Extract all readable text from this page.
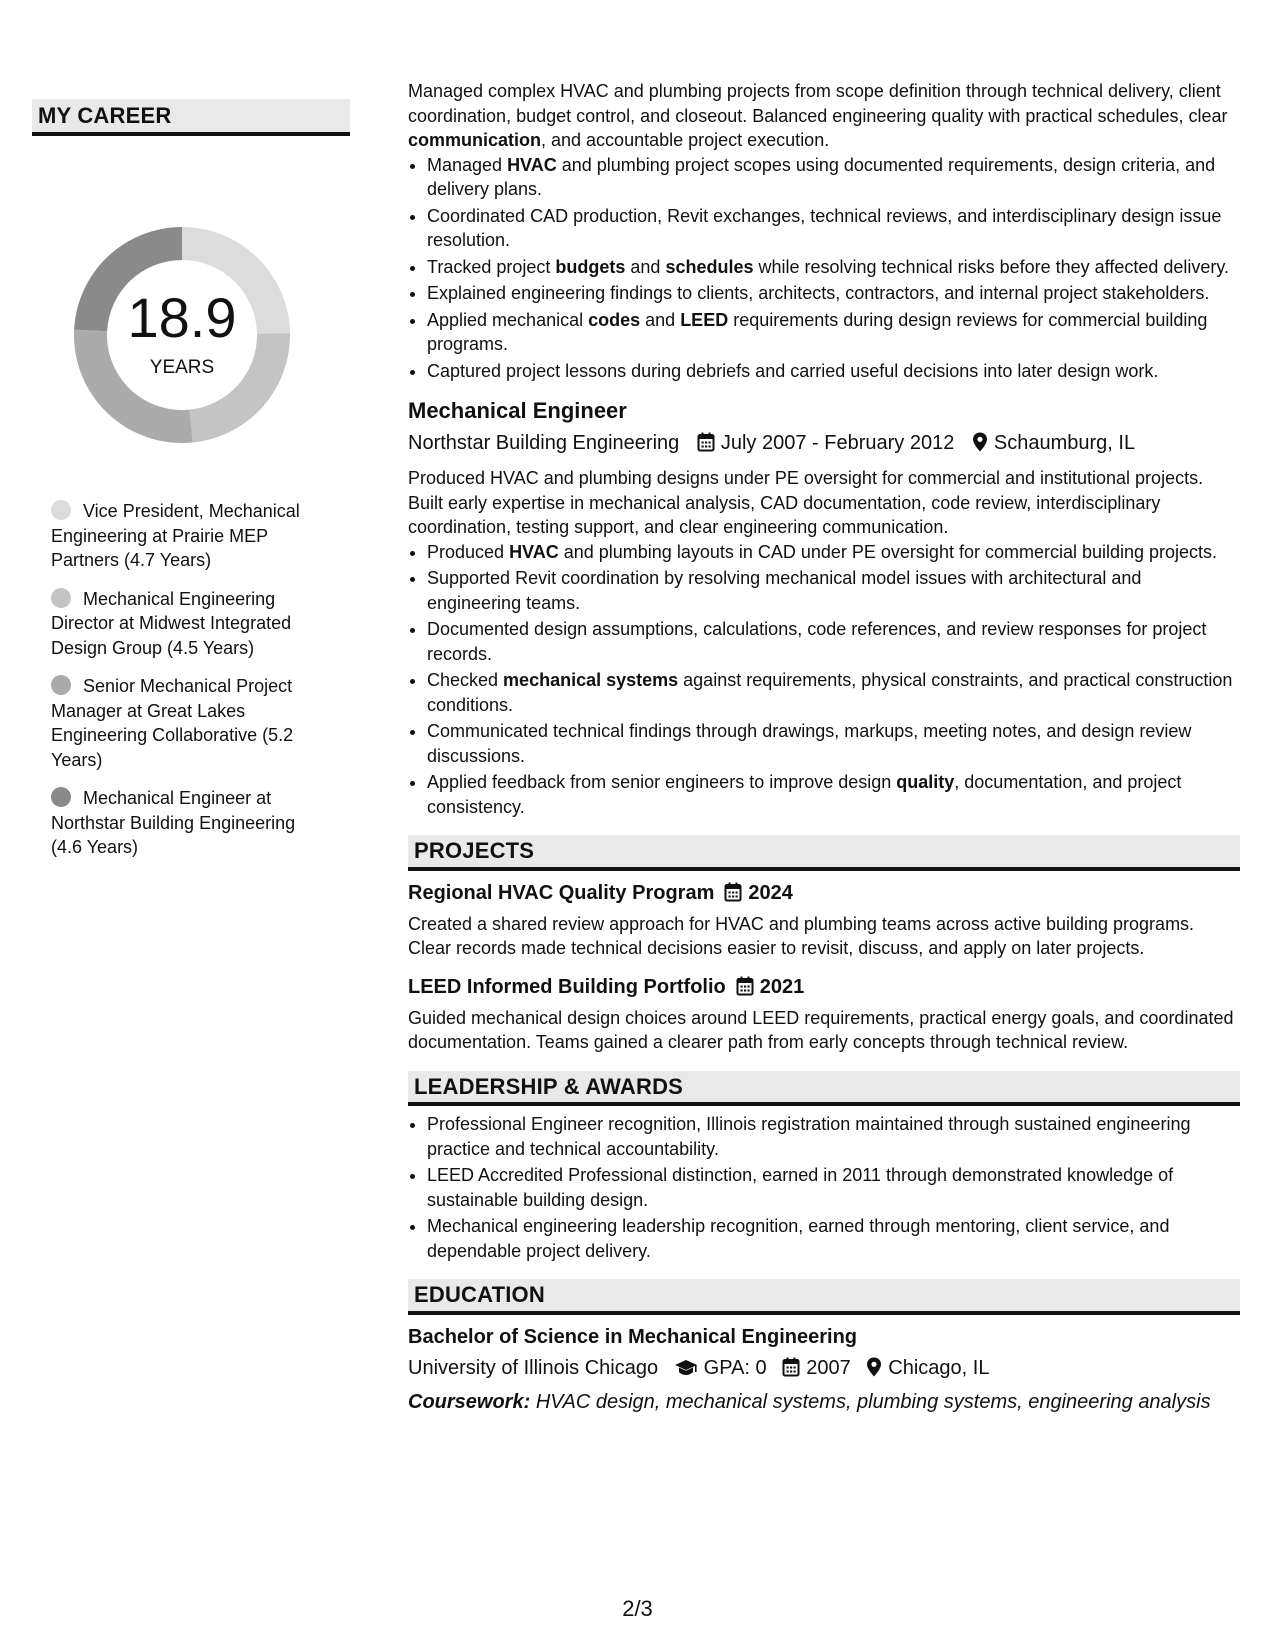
MY CAREER
18.9
YEARS
Vice President, Mechanical Engineering at Prairie MEP Partners (4.7 Years)
Mechanical Engineering Director at Midwest Integrated Design Group (4.5 Years)
Senior Mechanical Project Manager at Great Lakes Engineering Collaborative (5.2 Years)
Mechanical Engineer at Northstar Building Engineering (4.6 Years)

Managed complex HVAC and plumbing projects from scope definition through technical delivery, client coordination, budget control, and closeout. Balanced engineering quality with practical schedules, clear communication, and accountable project execution.

• Managed HVAC and plumbing project scopes using documented requirements, design criteria, and delivery plans.
• Coordinated CAD production, Revit exchanges, technical reviews, and interdisciplinary design issue resolution.
• Tracked project budgets and schedules while resolving technical risks before they affected delivery.
• Explained engineering findings to clients, architects, contractors, and internal project stakeholders.
• Applied mechanical codes and LEED requirements during design reviews for commercial building programs.
• Captured project lessons during debriefs and carried useful decisions into later design work.
Mechanical Engineer
Northstar Building Engineering July 2007 - February 2012 Schaumburg, IL

Produced HVAC and plumbing designs under PE oversight for commercial and institutional projects. Built early expertise in mechanical analysis, CAD documentation, code review, interdisciplinary coordination, testing support, and clear engineering communication.

• Produced HVAC and plumbing layouts in CAD under PE oversight for commercial building projects.
• Supported Revit coordination by resolving mechanical model issues with architectural and engineering teams.
• Documented design assumptions, calculations, code references, and review responses for project records.
• Checked mechanical systems against requirements, physical constraints, and practical construction conditions.
• Communicated technical findings through drawings, markups, meeting notes, and design review discussions.
• Applied feedback from senior engineers to improve design quality, documentation, and project consistency.
PROJECTS
Regional HVAC Quality Program 2024

Created a shared review approach for HVAC and plumbing teams across active building programs. Clear records made technical decisions easier to revisit, discuss, and apply on later projects.

LEED Informed Building Portfolio 2021

Guided mechanical design choices around LEED requirements, practical energy goals, and coordinated documentation. Teams gained a clearer path from early concepts through technical review.

LEADERSHIP & AWARDS
• Professional Engineer recognition, Illinois registration maintained through sustained engineering practice and technical accountability.
• LEED Accredited Professional distinction, earned in 2011 through demonstrated knowledge of sustainable building design.
• Mechanical engineering leadership recognition, earned through mentoring, client service, and dependable project delivery.
EDUCATION
Bachelor of Science in Mechanical Engineering
University of Illinois Chicago GPA: 0 2007 Chicago, IL
Coursework: HVAC design, mechanical systems, plumbing systems, engineering analysis
2/3
